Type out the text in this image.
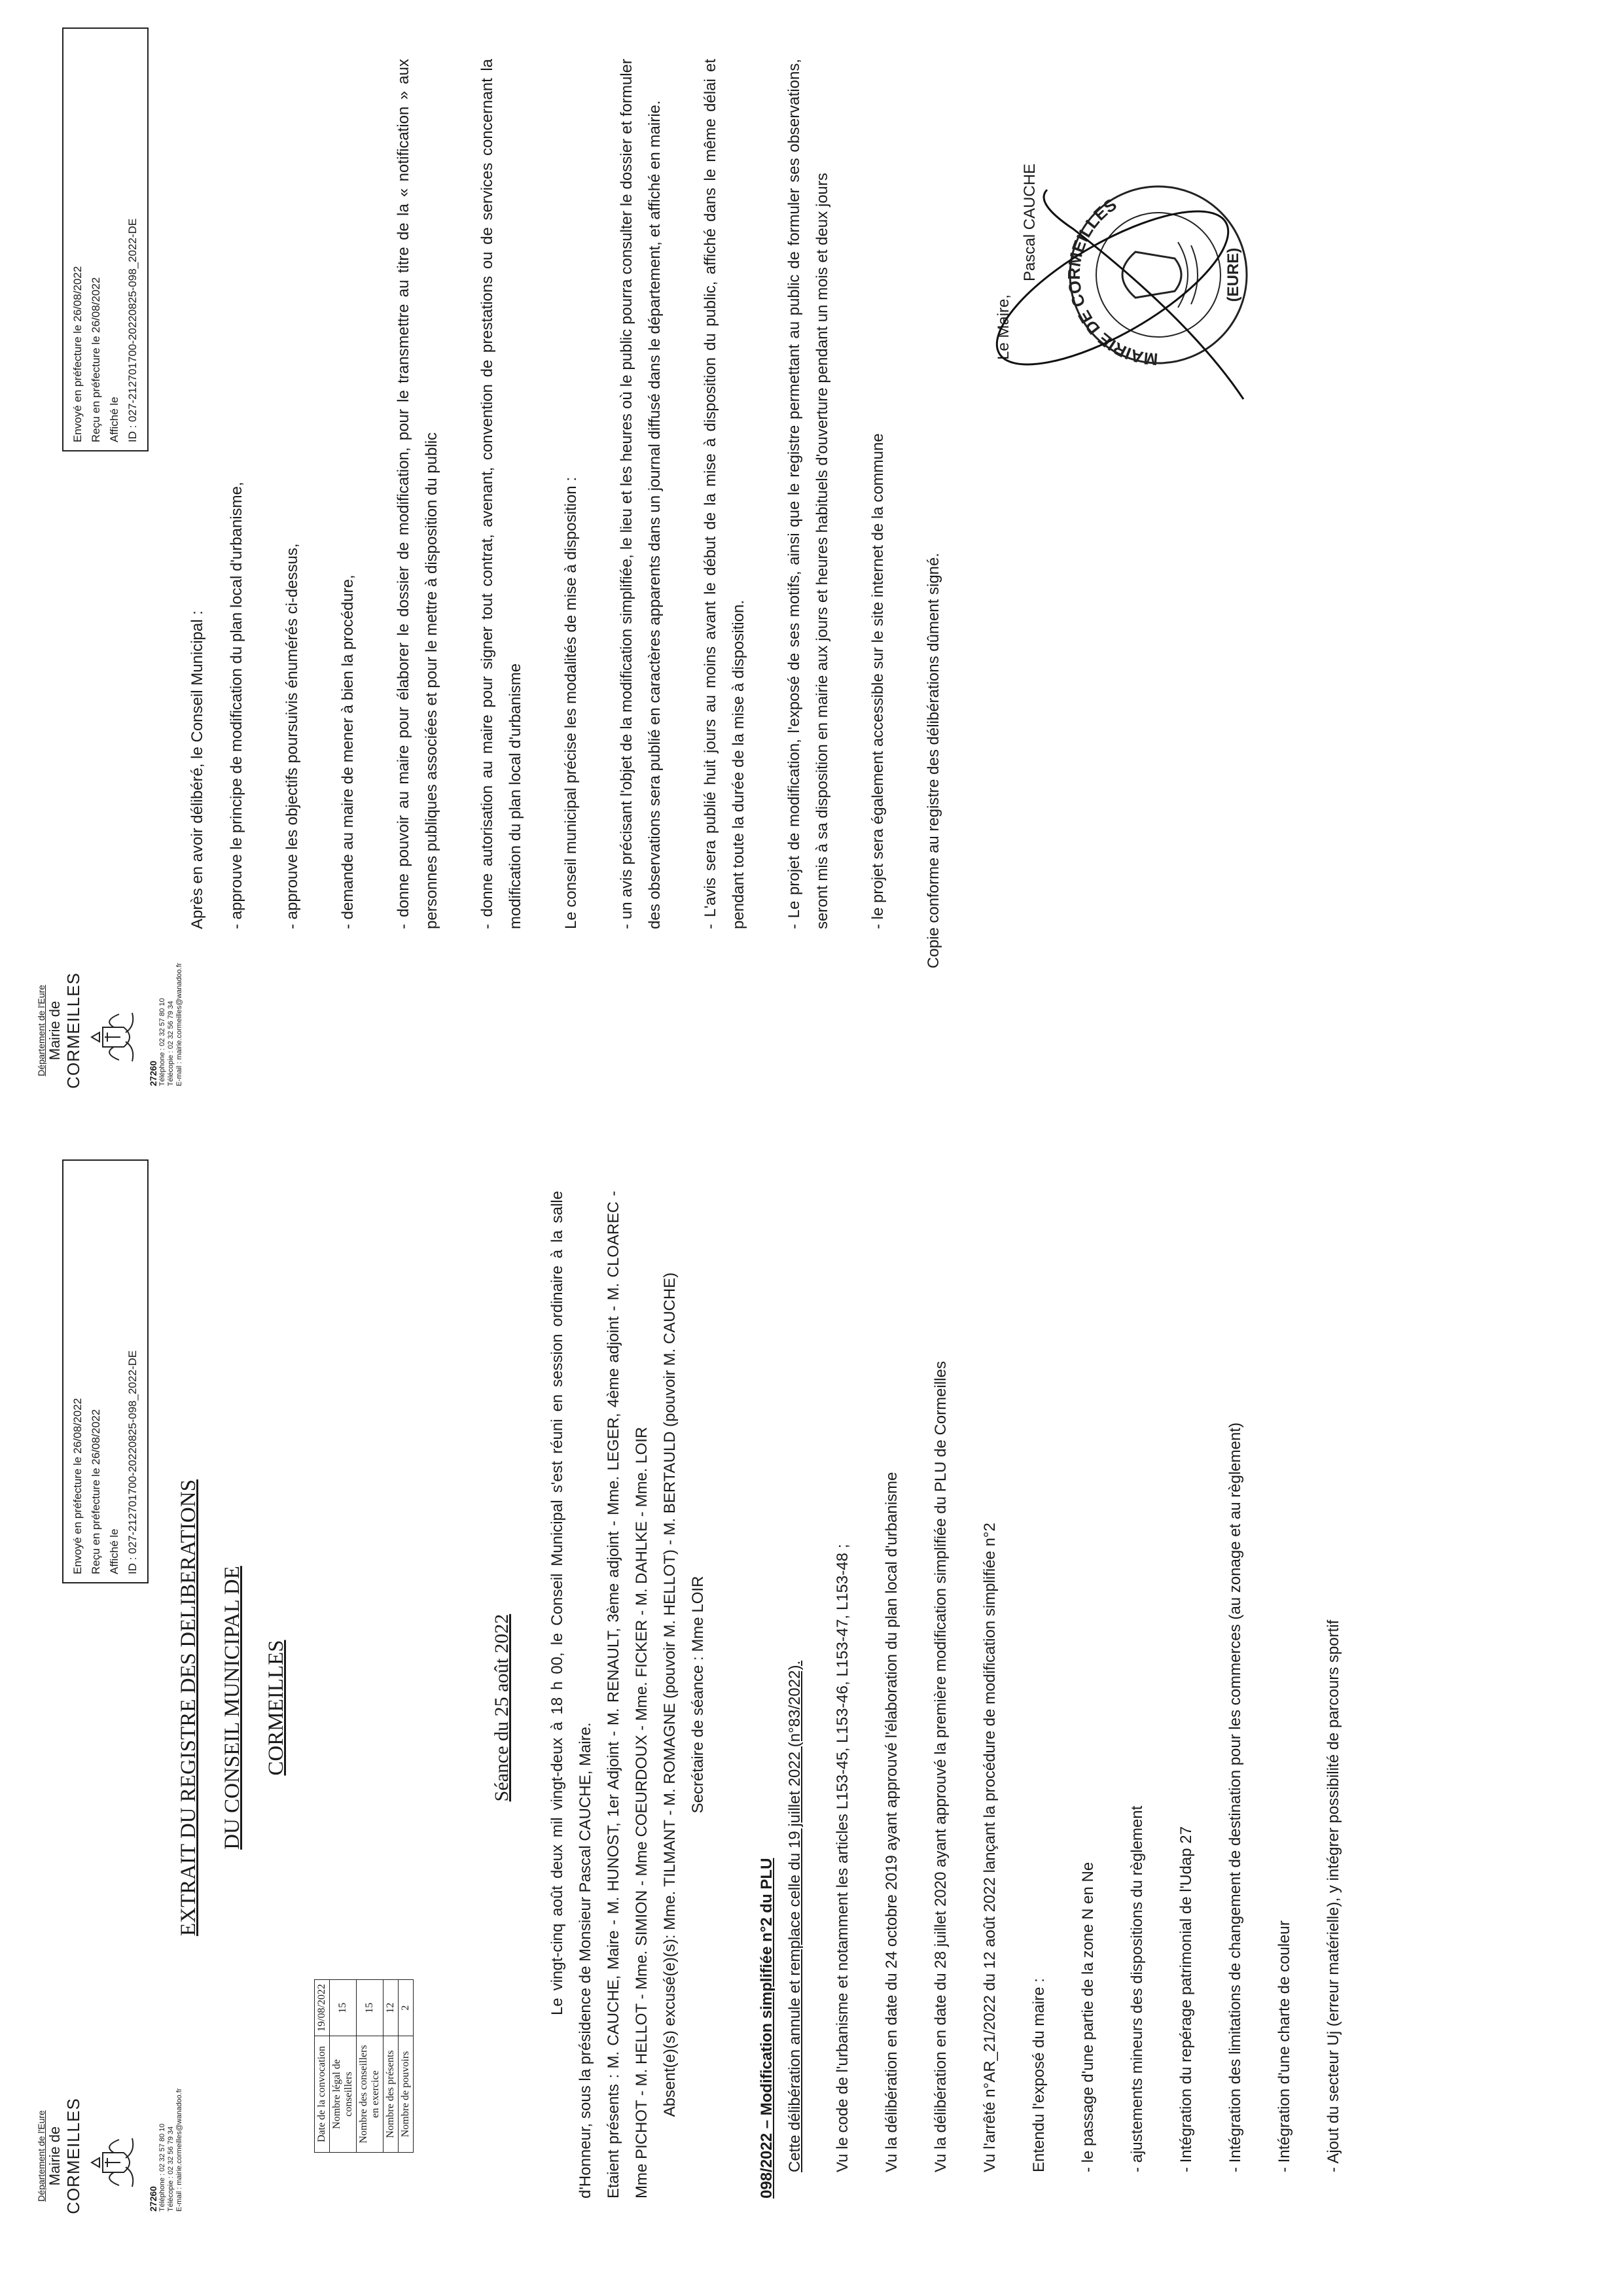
Département de l'Eure Mairie de CORMEILLES	27260 Téléphone : 02 32 57 80 10 Télécopie : 02 32 56 79 34 E-mail : mairie.cormeilles@wanadoo.fr
Envoyé en préfecture le 26/08/2022 Reçu en préfecture le 26/08/2022 Affiché le ID : 027-212701700-20220825-098_2022-DE
EXTRAIT DU REGISTRE DES DELIBERATIONS DU CONSEIL MUNICIPAL DE CORMEILLES
Date de la convocation	19/08/2022
Nombre légal de conseillers	15
Nombre des conseillers en exercice	15
Nombre des présents	12
Nombre de pouvoirs	2
Séance du 25 août 2022	Le vingt-cinq août deux mil vingt-deux à 18 h 00, le Conseil Municipal s'est réuni en session ordinaire à la salle d'Honneur, sous la présidence de Monsieur Pascal CAUCHE, Maire. Etaient présents : M. CAUCHE, Maire - M. HUNOST, 1er Adjoint - M. RENAULT, 3ème adjoint - Mme. LEGER, 4ème adjoint - M. CLOAREC - Mme PICHOT - M. HELLOT - Mme. SIMION - Mme COEURDOUX - Mme. FICKER - M. DAHLKE - Mme. LOIR Absent(e)(s) excusé(e)(s): Mme. TILMANT - M. ROMAGNE (pouvoir M. HELLOT) - M. BERTAULD (pouvoir M. CAUCHE) Secrétaire de séance : Mme LOIR

098/2022 – Modification simplifiée n°2 du PLU Cette délibération annule et remplace celle du 19 juillet 2022 (n°83/2022).	Vu le code de l'urbanisme et notamment les articles L153-45, L153-46, L153-47, L153-48 ;	Vu la délibération en date du 24 octobre 2019 ayant approuvé l'élaboration du plan local d'urbanisme	Vu la délibération en date du 28 juillet 2020 ayant approuvé la première modification simplifiée du PLU de Cormeilles	Vu l'arrêté n°AR_21/2022 du 12 août 2022 lançant la procédure de modification simplifiée n°2	Entendu l'exposé du maire :	- le passage d'une partie de la zone N en Ne	- ajustements mineurs des dispositions du règlement	- Intégration du repérage patrimonial de l'Udap 27	- Intégration des limitations de changement de destination pour les commerces (au zonage et au règlement)	- Intégration d'une charte de couleur	- Ajout du secteur Uj (erreur matérielle), y intégrer possibilité de parcours sportif

Département de l'Eure Mairie de CORMEILLES	27260 Téléphone : 02 32 57 80 10 Télécopie : 02 32 56 79 34 E-mail : mairie.cormeilles@wanadoo.fr
Envoyé en préfecture le 26/08/2022 Reçu en préfecture le 26/08/2022 Affiché le ID : 027-212701700-20220825-098_2022-DE
Après en avoir délibéré, le Conseil Municipal :	- approuve le principe de modification du plan local d'urbanisme,	- approuve les objectifs poursuivis énumérés ci-dessus,	- demande au maire de mener à bien la procédure,	- donne pouvoir au maire pour élaborer le dossier de modification, pour le transmettre au titre de la « notification » aux personnes publiques associées et pour le mettre à disposition du public	- donne autorisation au maire pour signer tout contrat, avenant, convention de prestations ou de services concernant la modification du plan local d'urbanisme	Le conseil municipal précise les modalités de mise à disposition :	- un avis précisant l'objet de la modification simplifiée, le lieu et les heures où le public pourra consulter le dossier et formuler des observations sera publié en caractères apparents dans un journal diffusé dans le département, et affiché en mairie.	- L'avis sera publié huit jours au moins avant le début de la mise à disposition du public, affiché dans le même délai et pendant toute la durée de la mise à disposition.	- Le projet de modification, l'exposé de ses motifs, ainsi que le registre permettant au public de formuler ses observations, seront mis à sa disposition en mairie aux jours et heures habituels d'ouverture pendant un mois et deux jours	- le projet sera également accessible sur le site internet de la commune	Copie conforme au registre des délibérations dûment signé.

Le Maire,
Pascal CAUCHE
MAIRIE DE CORMEILLES
(EURE)
